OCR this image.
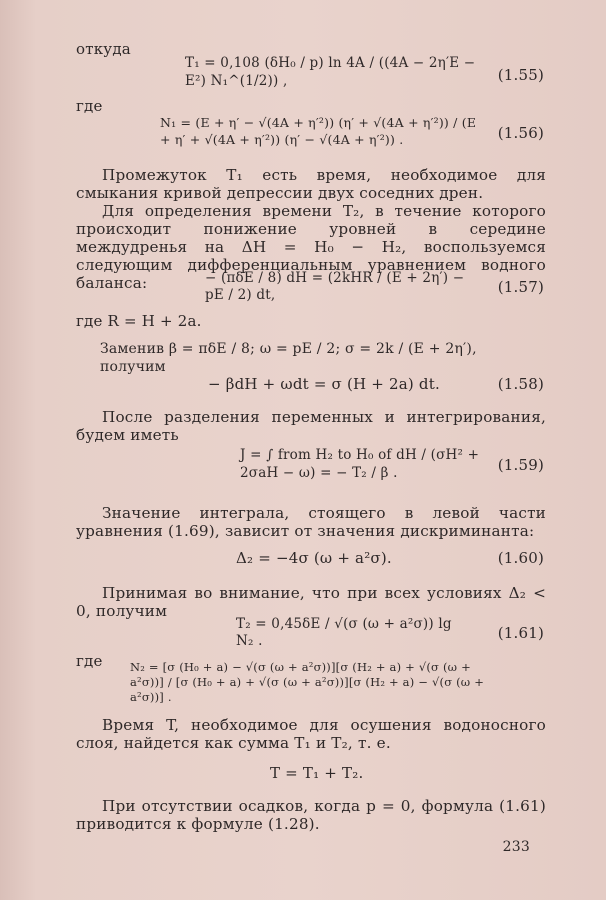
откуда
T₁ = 0,108 (δH₀ / p) ln 4A / ((4A − 2η′E − E²) N₁^(1/2)) ,	(1.55)
где
N₁ = (E + η′ − √(4A + η′²)) (η′ + √(4A + η′²)) / (E + η′ + √(4A + η′²)) (η′ − √(4A + η′²)) .	(1.56)
Промежуток T₁ есть время, необходимое для смыкания кривой депрессии двух соседних дрен.
Для определения времени T₂, в течение которого происходит понижение уровней в середине междудренья на ΔH = H₀ − H₂, воспользуемся следующим дифференциальным уравнением водного баланса:	− (πδE / 8) dH = (2kHR / (E + 2η′) − pE / 2) dt,	(1.57)
где R = H + 2a.
Заменив β = πδE / 8; ω = pE / 2; σ = 2k / (E + 2η′), получим
− βdH + ωdt = σ (H + 2a) dt.	(1.58)
После разделения переменных и интегрирования, будем иметь
J = ∫ from H₂ to H₀ of dH / (σH² + 2σaH − ω) = − T₂ / β .	(1.59)
Значение интеграла, стоящего в левой части уравнения (1.69), зависит от значения дискриминанта:
Δ₂ = −4σ (ω + a²σ).	(1.60)
Принимая во внимание, что при всех условиях Δ₂ < 0, получим
T₂ = 0,45δE / √(σ (ω + a²σ)) lg N₂ .	(1.61)
где N₂ = [σ (H₀ + a) − √(σ (ω + a²σ))][σ (H₂ + a) + √(σ (ω + a²σ))] / [σ (H₀ + a) + √(σ (ω + a²σ))][σ (H₂ + a) − √(σ (ω + a²σ))] .
Время T, необходимое для осушения водоносного слоя, найдется как сумма T₁ и T₂, т. е.
T = T₁ + T₂.
При отсутствии осадков, когда p = 0, формула (1.61) приводится к формуле (1.28).
233
